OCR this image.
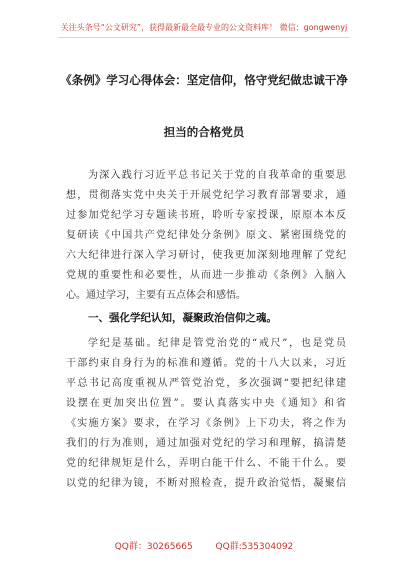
关注头条号“公文研究”，获得最新最全最专业的公文资料库！ 微信：gongwenyj
《条例》学习心得体会：坚定信仰，恪守党纪做忠诚干净
担当的合格党员
为深入践行习近平总书记关于党的自我革命的重要思
想，贯彻落实党中央关于开展党纪学习教育部署要求，通
过参加党纪学习专题读书班，聆听专家授课，原原本本反
复研读《中国共产党纪律处分条例》原文、紧密围绕党的
六大纪律进行深入学习研讨，使我更加深刻地理解了党纪
党规的重要性和必要性，从而进一步推动《条例》入脑入
心。通过学习，主要有五点体会和感悟。
一、强化学纪认知，凝聚政治信仰之魂。
学纪是基础。纪律是管党治党的“戒尺”，也是党员
干部约束自身行为的标准和遵循。党的十八大以来，习近
平总书记高度重视从严管党治党，多次强调“要把纪律建
设摆在更加突出位置”。要认真落实中央《通知》和省
《实施方案》要求，在学习《条例》上下功夫，将之作为
我们的行为准则，通过加强对党纪的学习和理解，搞清楚
党的纪律规矩是什么，弄明白能干什么、不能干什么。要
以党的纪律为镜，不断对照检查，提升政治觉悟，凝聚信
QQ群：30265665	QQ群:535304092
